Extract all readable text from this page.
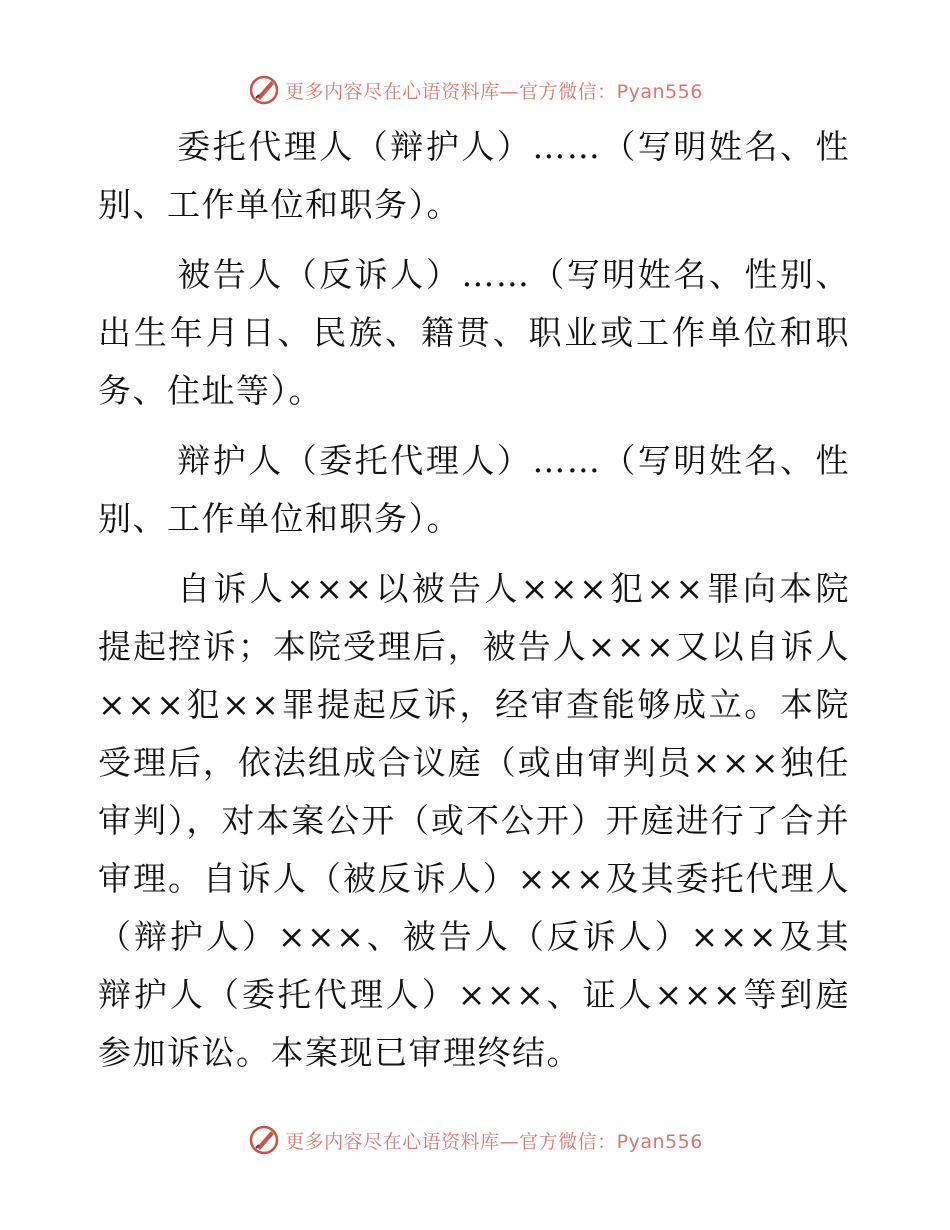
更多内容尽在心语资料库—官方微信：Pyan556

委托代理人（辩护人）……（写明姓名、性别、工作单位和职务）。

被告人（反诉人）……（写明姓名、性别、出生年月日、民族、籍贯、职业或工作单位和职务、住址等）。

辩护人（委托代理人）……（写明姓名、性别、工作单位和职务）。

自诉人×××以被告人×××犯××罪向本院提起控诉；本院受理后，被告人×××又以自诉人×××犯××罪提起反诉，经审查能够成立。本院受理后，依法组成合议庭（或由审判员×××独任审判），对本案公开（或不公开）开庭进行了合并审理。自诉人（被反诉人）×××及其委托代理人（辩护人）×××、被告人（反诉人）×××及其辩护人（委托代理人）×××、证人×××等到庭参加诉讼。本案现已审理终结。

更多内容尽在心语资料库—官方微信：Pyan556
